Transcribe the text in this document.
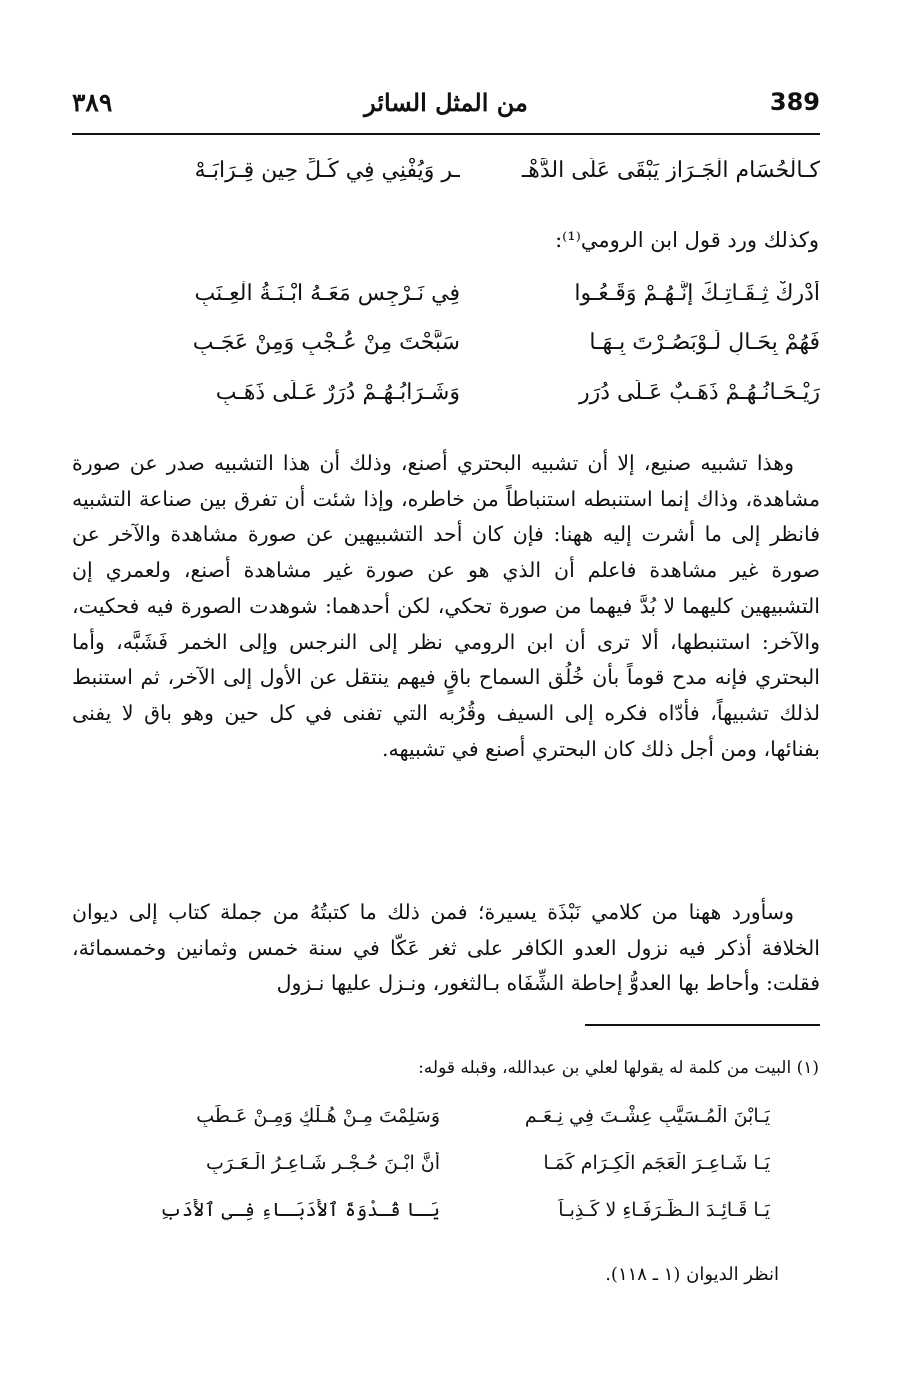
389
من المثل السائر
٣٨٩
كـالْحُسَامِ الْجَـرَازِ يَبْقَى عَلَى الدَّهْـ
ـرِ وَيُفْنِي فِي كُـلِّ حِينِ قِـرَابَـهْ
وكذلك ورد قول ابن الرومي⁽¹⁾:
أَدْرِكْ ثِـقَـاتِـكَ إِنَّـهُـمْ وَقَـعُـوا
فِي نَـرْجِسٍ مَعَـهُ ابْـنَـةُ الْعِـنَبِ
فَهُمْ بِحَـالٍ لَـوْبَصُـرْتَ بِـهَـا
سَبَّحْتَ مِنْ عُـجْبٍ وَمِنْ عَجَـبِ
رَيْـحَـانُـهُـمْ ذَهَـبٌ عَـلَى دُرَرٍ
وَشَـرَابُـهُـمْ دُرَرٌ عَـلَى ذَهَـبِ

وهذا تشبيه صنيع، إلا أن تشبيه البحتري أصنع، وذلك أن هذا التشبيه صدر عن صورة مشاهدة، وذاك إنما استنبطه استنباطاً من خاطره، وإذا شئت أن تفرق بين صناعة التشبيه فانظر إلى ما أشرت إليه ههنا: فإن كان أحد التشبيهين عن صورة مشاهدة والآخر عن صورة غير مشاهدة فاعلم أن الذي هو عن صورة غير مشاهدة أصنع، ولعمري إن التشبيهين كليهما لا بُدَّ فيهما من صورة تحكي، لكن أحدهما: شوهدت الصورة فيه فحكيت، والآخر: استنبطها، ألا ترى أن ابن الرومي نظر إلى النرجس وإلى الخمر فَشَبَّه، وأما البحتري فإنه مدح قوماً بأن خُلُق السماح باقٍ فيهم ينتقل عن الأول إلى الآخر، ثم استنبط لذلك تشبيهاً، فأدّاه فكره إلى السيف وقُرُبه التي تفنى في كل حين وهو باق لا يفنى بفنائها، ومن أجل ذلك كان البحتري أصنع في تشبيهه.

وسأورد ههنا من كلامي نَبْذَة يسيرة؛ فمن ذلك ما كتبتُهُ من جملة كتاب إلى ديوان الخلافة أذكر فيه نزول العدو الكافر على ثغر عَكّا في سنة خمس وثمانين وخمسمائة، فقلت: وأحاط بها العدوُّ إحاطة الشِّفَاه بـالثغور، ونـزل عليها نـزول

(١) البيت من كلمة له يقولها لعلي بن عبدالله، وقبله قوله:
يَـابْنَ الْمُـسَيَّبِ عِشْـتَ فِي نِـعَـمٍ
وَسَلِمْتَ مِـنْ هُـلْكٍ وَمِـنْ عَـطَبِ
يَـا شَـاعِـرَ الْعَجَمِ الْكِـرَامِ كَمَـا
أَنَّ ابْـنَ حُـجْـرٍ شَـاعِـرُ الْـعَـرَبِ
يَـا قَـائِـدَ الـظُّـرَفَـاءِ لا كَـذِبـاً
يَـا قُـدْوَةَ ٱلأُدَبَـاءِ فِـي ٱلأَدَبِ
انظر الديوان (١ ـ ١١٨).
